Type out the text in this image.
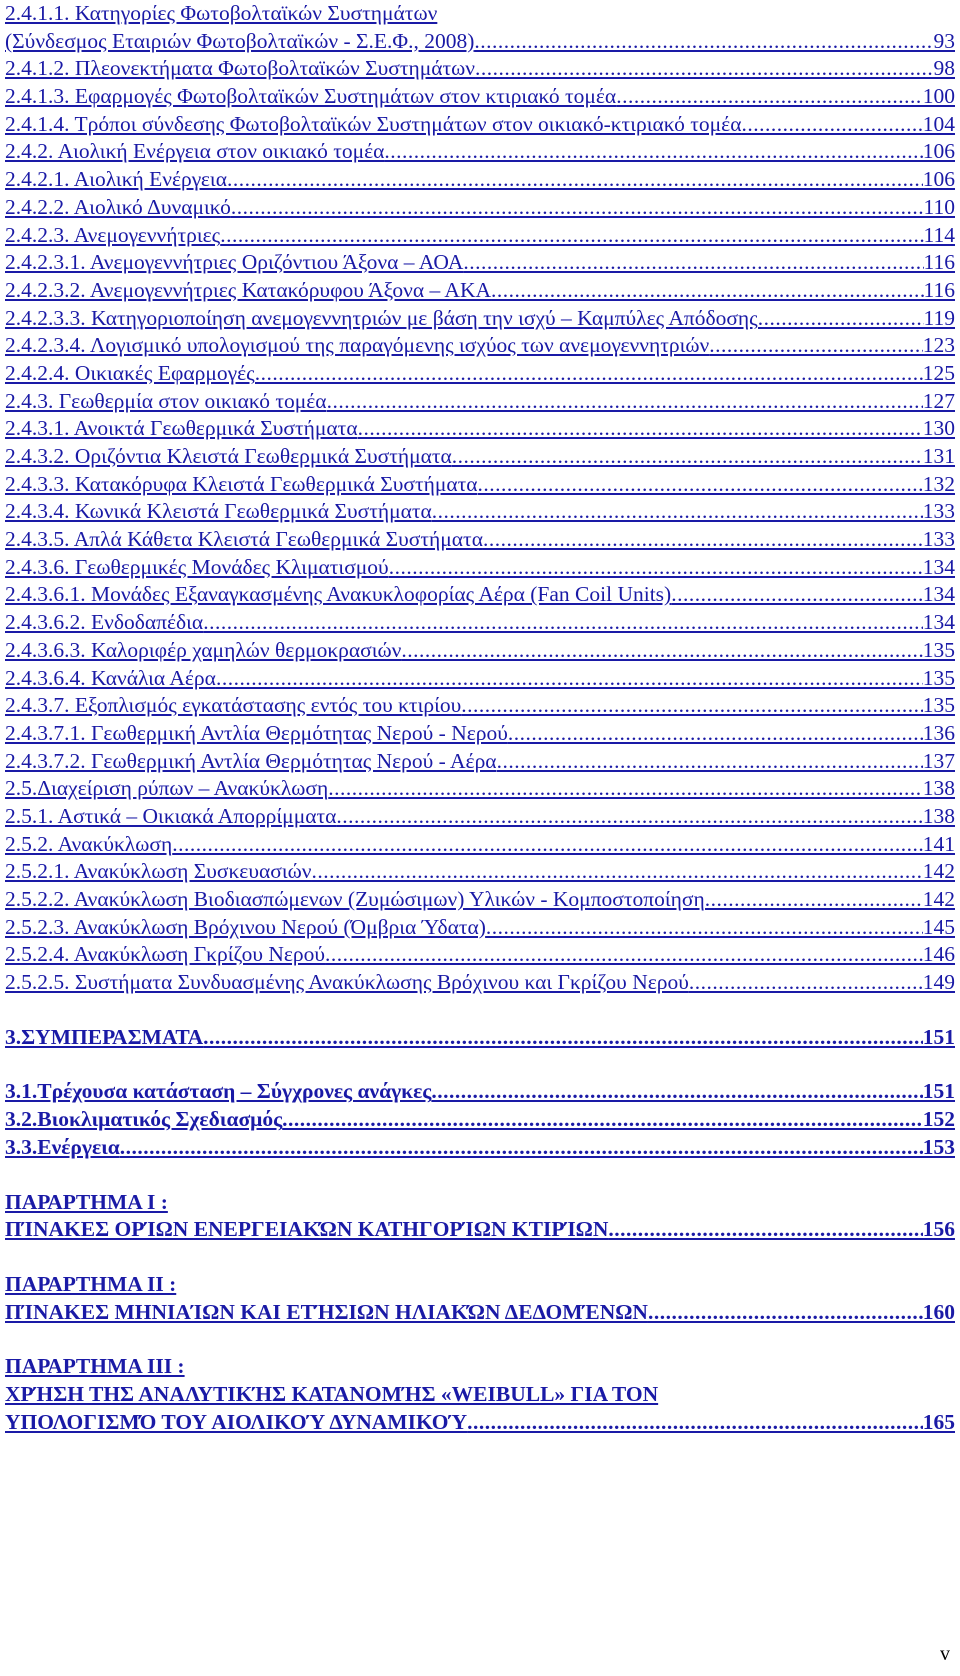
2.4.1.1. Κατηγορίες Φωτοβολταϊκών Συστημάτων
(Σύνδεσμος Εταιριών Φωτοβολταϊκών - Σ.Ε.Φ., 2008) .....	93
2.4.1.2. Πλεονεκτήματα Φωτοβολταϊκών Συστημάτων .....	98
2.4.1.3. Εφαρμογές Φωτοβολταϊκών Συστημάτων στον κτιριακό τομέα .....	100
2.4.1.4. Τρόποι σύνδεσης Φωτοβολταϊκών Συστημάτων στον οικιακό-κτιριακό τομέα .....	104
2.4.2. Αιολική Ενέργεια στον οικιακό τομέα .....	106
2.4.2.1. Αιολική Ενέργεια .....	106
2.4.2.2. Αιολικό Δυναμικό .....	110
2.4.2.3. Ανεμογεννήτριες .....	114
2.4.2.3.1. Ανεμογεννήτριες Οριζόντιου Άξονα – ΑΟΑ .....	116
2.4.2.3.2. Ανεμογεννήτριες Κατακόρυφου Άξονα – ΑΚΑ .....	116
2.4.2.3.3. Κατηγοριοποίηση ανεμογεννητριών με βάση την ισχύ – Καμπύλες Απόδοσης .....	119
2.4.2.3.4. Λογισμικό υπολογισμού της παραγόμενης ισχύος των ανεμογεννητριών .....	123
2.4.2.4. Οικιακές Εφαρμογές .....	125
2.4.3. Γεωθερμία στον οικιακό τομέα .....	127
2.4.3.1. Ανοικτά Γεωθερμικά Συστήματα .....	130
2.4.3.2. Οριζόντια Κλειστά Γεωθερμικά Συστήματα .....	131
2.4.3.3. Κατακόρυφα Κλειστά Γεωθερμικά Συστήματα .....	132
2.4.3.4. Κωνικά Κλειστά Γεωθερμικά Συστήματα .....	133
2.4.3.5. Απλά Κάθετα Κλειστά Γεωθερμικά Συστήματα .....	133
2.4.3.6. Γεωθερμικές Μονάδες Κλιματισμού .....	134
2.4.3.6.1. Μονάδες Εξαναγκασμένης Ανακυκλοφορίας Αέρα (Fan Coil Units) .....	134
2.4.3.6.2. Ενδοδαπέδια .....	134
2.4.3.6.3. Καλοριφέρ χαμηλών θερμοκρασιών .....	135
2.4.3.6.4. Κανάλια Αέρα .....	135
2.4.3.7. Εξοπλισμός εγκατάστασης εντός του κτιρίου .....	135
2.4.3.7.1. Γεωθερμική Αντλία Θερμότητας Νερού - Νερού .....	136
2.4.3.7.2. Γεωθερμική Αντλία Θερμότητας Νερού - Αέρα .....	137
2.5.Διαχείριση ρύπων – Ανακύκλωση .....	138
2.5.1. Αστικά – Οικιακά Απορρίμματα .....	138
2.5.2. Ανακύκλωση .....	141
2.5.2.1. Ανακύκλωση Συσκευασιών .....	142
2.5.2.2. Ανακύκλωση Βιοδιασπώμενων (Ζυμώσιμων) Υλικών - Κομποστοποίηση .....	142
2.5.2.3. Ανακύκλωση Βρόχινου Νερού (Όμβρια Ύδατα) .....	145
2.5.2.4. Ανακύκλωση Γκρίζου Νερού .....	146
2.5.2.5. Συστήματα Συνδυασμένης Ανακύκλωσης Βρόχινου και Γκρίζου Νερού .....	149
3.ΣΥΜΠΕΡΑΣΜΑΤΑ .....	151
3.1.Τρέχουσα κατάσταση – Σύγχρονες ανάγκες .....	151
3.2.Βιοκλιματικός Σχεδιασμός .....	152
3.3.Ενέργεια .....	153
ΠΑΡΑΡΤΗΜΑ I :
ΠΊΝΑΚΕΣ ΟΡΊΩΝ ΕΝΕΡΓΕΙΑΚΏΝ ΚΑΤΗΓΟΡΊΩΝ ΚΤΙΡΊΩΝ .....	156
ΠΑΡΑΡΤΗΜΑ II :
ΠΊΝΑΚΕΣ ΜΗΝΙΑΊΩΝ ΚΑΙ ΕΤΉΣΙΩΝ ΗΛΙΑΚΏΝ ΔΕΔΟΜΈΝΩΝ .....	160
ΠΑΡΑΡΤΗΜΑ III :
ΧΡΉΣΗ ΤΗΣ ΑΝΑΛΥΤΙΚΉΣ ΚΑΤΑΝΟΜΉΣ «WEIBULL» ΓΙΑ ΤΟΝ
ΥΠΟΛΟΓΙΣΜΌ ΤΟΥ ΑΙΟΛΙΚΟΎ ΔΥΝΑΜΙΚΟΎ .....	165
v
